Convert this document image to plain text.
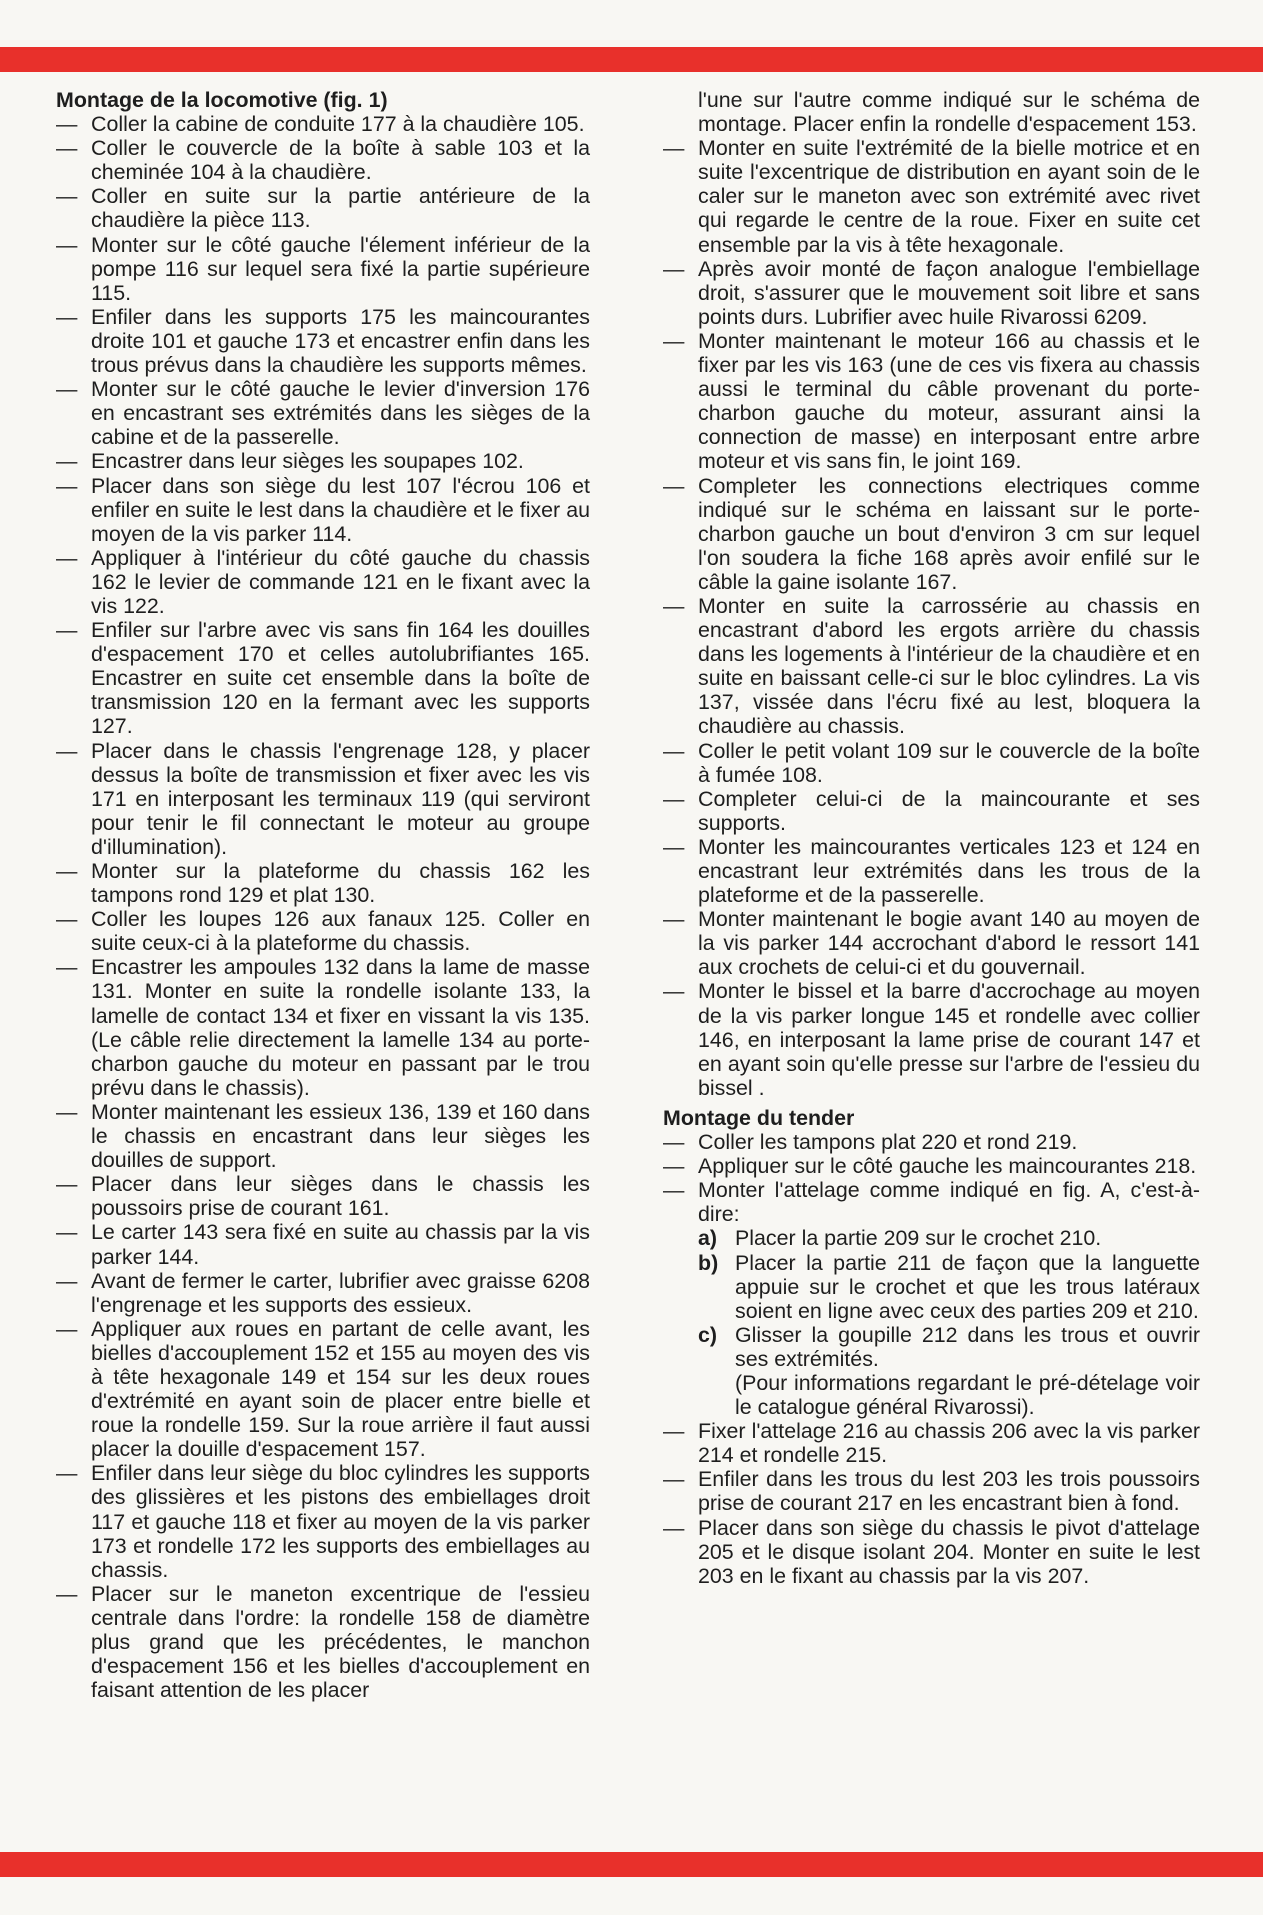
Montage de la locomotive (fig. 1)
— Coller la cabine de conduite 177 à la chaudière 105.
— Coller le couvercle de la boîte à sable 103 et la cheminée 104 à la chaudière.
— Coller en suite sur la partie antérieure de la chaudière la pièce 113.
— Monter sur le côté gauche l'élement inférieur de la pompe 116 sur lequel sera fixé la partie supérieure 115.
— Enfiler dans les supports 175 les maincourantes droite 101 et gauche 173 et encastrer enfin dans les trous prévus dans la chaudière les supports mêmes.
— Monter sur le côté gauche le levier d'inversion 176 en encastrant ses extrémités dans les sièges de la cabine et de la passerelle.
— Encastrer dans leur sièges les soupapes 102.
— Placer dans son siège du lest 107 l'écrou 106 et enfiler en suite le lest dans la chaudière et le fixer au moyen de la vis parker 114.
— Appliquer à l'intérieur du côté gauche du chassis 162 le levier de commande 121 en le fixant avec la vis 122.
— Enfiler sur l'arbre avec vis sans fin 164 les douilles d'espacement 170 et celles autolubrifiantes 165. Encastrer en suite cet ensemble dans la boîte de transmission 120 en la fermant avec les supports 127.
— Placer dans le chassis l'engrenage 128, y placer dessus la boîte de transmission et fixer avec les vis 171 en interposant les terminaux 119 (qui serviront pour tenir le fil connectant le moteur au groupe d'illumination).
— Monter sur la plateforme du chassis 162 les tampons rond 129 et plat 130.
— Coller les loupes 126 aux fanaux 125. Coller en suite ceux-ci à la plateforme du chassis.
— Encastrer les ampoules 132 dans la lame de masse 131. Monter en suite la rondelle isolante 133, la lamelle de contact 134 et fixer en vissant la vis 135. (Le câble relie directement la lamelle 134 au porte-charbon gauche du moteur en passant par le trou prévu dans le chassis).
— Monter maintenant les essieux 136, 139 et 160 dans le chassis en encastrant dans leur sièges les douilles de support.
— Placer dans leur sièges dans le chassis les poussoirs prise de courant 161.
— Le carter 143 sera fixé en suite au chassis par la vis parker 144.
— Avant de fermer le carter, lubrifier avec graisse 6208 l'engrenage et les supports des essieux.
— Appliquer aux roues en partant de celle avant, les bielles d'accouplement 152 et 155 au moyen des vis à tête hexagonale 149 et 154 sur les deux roues d'extrémité en ayant soin de placer entre bielle et roue la rondelle 159. Sur la roue arrière il faut aussi placer la douille d'espacement 157.
— Enfiler dans leur siège du bloc cylindres les supports des glissières et les pistons des embiellages droit 117 et gauche 118 et fixer au moyen de la vis parker 173 et rondelle 172 les supports des embiellages au chassis.
— Placer sur le maneton excentrique de l'essieu centrale dans l'ordre: la rondelle 158 de diamètre plus grand que les précédentes, le manchon d'espacement 156 et les bielles d'accouplement en faisant attention de les placer
l'une sur l'autre comme indiqué sur le schéma de montage. Placer enfin la rondelle d'espacement 153.
— Monter en suite l'extrémité de la bielle motrice et en suite l'excentrique de distribution en ayant soin de le caler sur le maneton avec son extrémité avec rivet qui regarde le centre de la roue. Fixer en suite cet ensemble par la vis à tête hexagonale.
— Après avoir monté de façon analogue l'embiellage droit, s'assurer que le mouvement soit libre et sans points durs. Lubrifier avec huile Rivarossi 6209.
— Monter maintenant le moteur 166 au chassis et le fixer par les vis 163 (une de ces vis fixera au chassis aussi le terminal du câble provenant du porte-charbon gauche du moteur, assurant ainsi la connection de masse) en interposant entre arbre moteur et vis sans fin, le joint 169.
— Completer les connections electriques comme indiqué sur le schéma en laissant sur le porte-charbon gauche un bout d'environ 3 cm sur lequel l'on soudera la fiche 168 après avoir enfilé sur le câble la gaine isolante 167.
— Monter en suite la carrossérie au chassis en encastrant d'abord les ergots arrière du chassis dans les logements à l'intérieur de la chaudière et en suite en baissant celle-ci sur le bloc cylindres. La vis 137, vissée dans l'écru fixé au lest, bloquera la chaudière au chassis.
— Coller le petit volant 109 sur le couvercle de la boîte à fumée 108.
— Completer celui-ci de la maincourante et ses supports.
— Monter les maincourantes verticales 123 et 124 en encastrant leur extrémités dans les trous de la plateforme et de la passerelle.
— Monter maintenant le bogie avant 140 au moyen de la vis parker 144 accrochant d'abord le ressort 141 aux crochets de celui-ci et du gouvernail.
— Monter le bissel et la barre d'accrochage au moyen de la vis parker longue 145 et rondelle avec collier 146, en interposant la lame prise de courant 147 et en ayant soin qu'elle presse sur l'arbre de l'essieu du bissel .
Montage du tender
— Coller les tampons plat 220 et rond 219.
— Appliquer sur le côté gauche les maincourantes 218.
— Monter l'attelage comme indiqué en fig. A, c'est-à-dire:
a) Placer la partie 209 sur le crochet 210.
b) Placer la partie 211 de façon que la languette appuie sur le crochet et que les trous latéraux soient en ligne avec ceux des parties 209 et 210.
c) Glisser la goupille 212 dans les trous et ouvrir ses extrémités.
(Pour informations regardant le pré-dételage voir le catalogue général Rivarossi).
— Fixer l'attelage 216 au chassis 206 avec la vis parker 214 et rondelle 215.
— Enfiler dans les trous du lest 203 les trois poussoirs prise de courant 217 en les encastrant bien à fond.
— Placer dans son siège du chassis le pivot d'attelage 205 et le disque isolant 204. Monter en suite le lest 203 en le fixant au chassis par la vis 207.
